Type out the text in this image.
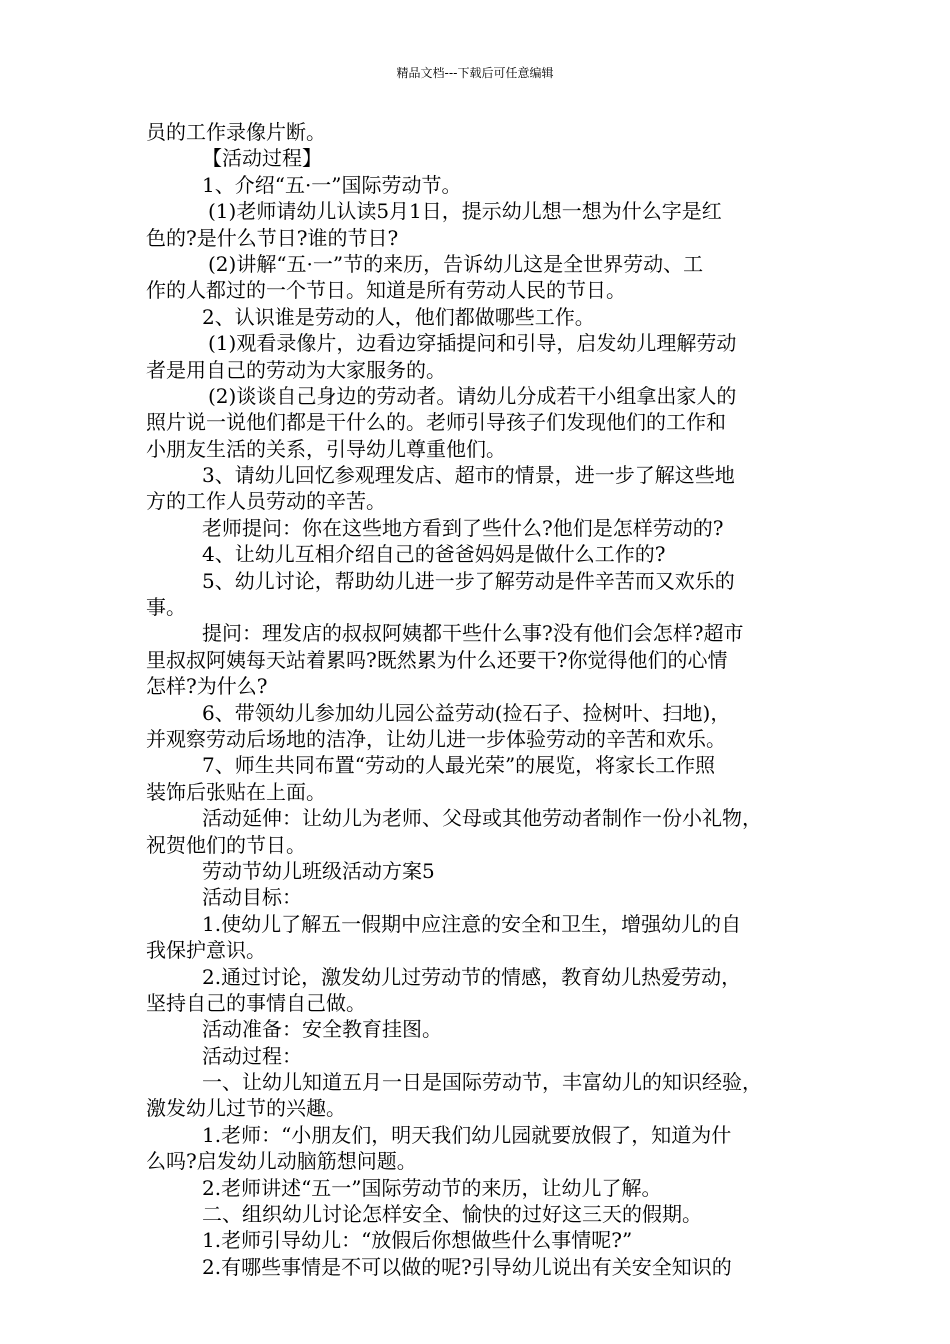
精品文档---下载后可任意编辑
员的工作录像片断。
【活动过程】
1、介绍“五·一”国际劳动节。
(1)老师请幼儿认读5月1日，提示幼儿想一想为什么字是红
色的?是什么节日?谁的节日?
(2)讲解“五·一”节的来历，告诉幼儿这是全世界劳动、工
作的人都过的一个节日。知道是所有劳动人民的节日。
2、认识谁是劳动的人，他们都做哪些工作。
(1)观看录像片，边看边穿插提问和引导，启发幼儿理解劳动
者是用自己的劳动为大家服务的。
(2)谈谈自己身边的劳动者。请幼儿分成若干小组拿出家人的
照片说一说他们都是干什么的。老师引导孩子们发现他们的工作和
小朋友生活的关系，引导幼儿尊重他们。
3、请幼儿回忆参观理发店、超市的情景，进一步了解这些地
方的工作人员劳动的辛苦。
老师提问：你在这些地方看到了些什么?他们是怎样劳动的?
4、让幼儿互相介绍自己的爸爸妈妈是做什么工作的?
5、幼儿讨论，帮助幼儿进一步了解劳动是件辛苦而又欢乐的
事。
提问：理发店的叔叔阿姨都干些什么事?没有他们会怎样?超市
里叔叔阿姨每天站着累吗?既然累为什么还要干?你觉得他们的心情
怎样?为什么?
6、带领幼儿参加幼儿园公益劳动(捡石子、捡树叶、扫地)，
并观察劳动后场地的洁净，让幼儿进一步体验劳动的辛苦和欢乐。
7、师生共同布置“劳动的人最光荣”的展览，将家长工作照
装饰后张贴在上面。
活动延伸：让幼儿为老师、父母或其他劳动者制作一份小礼物，
祝贺他们的节日。
劳动节幼儿班级活动方案5
活动目标：
1.使幼儿了解五一假期中应注意的安全和卫生，增强幼儿的自
我保护意识。
2.通过讨论，激发幼儿过劳动节的情感，教育幼儿热爱劳动，
坚持自己的事情自己做。
活动准备：安全教育挂图。
活动过程：
一、让幼儿知道五月一日是国际劳动节，丰富幼儿的知识经验，
激发幼儿过节的兴趣。
1.老师：“小朋友们，明天我们幼儿园就要放假了，知道为什
么吗?启发幼儿动脑筋想问题。
2.老师讲述“五一”国际劳动节的来历，让幼儿了解。
二、组织幼儿讨论怎样安全、愉快的过好这三天的假期。
1.老师引导幼儿：“放假后你想做些什么事情呢?”
2.有哪些事情是不可以做的呢?引导幼儿说出有关安全知识的
